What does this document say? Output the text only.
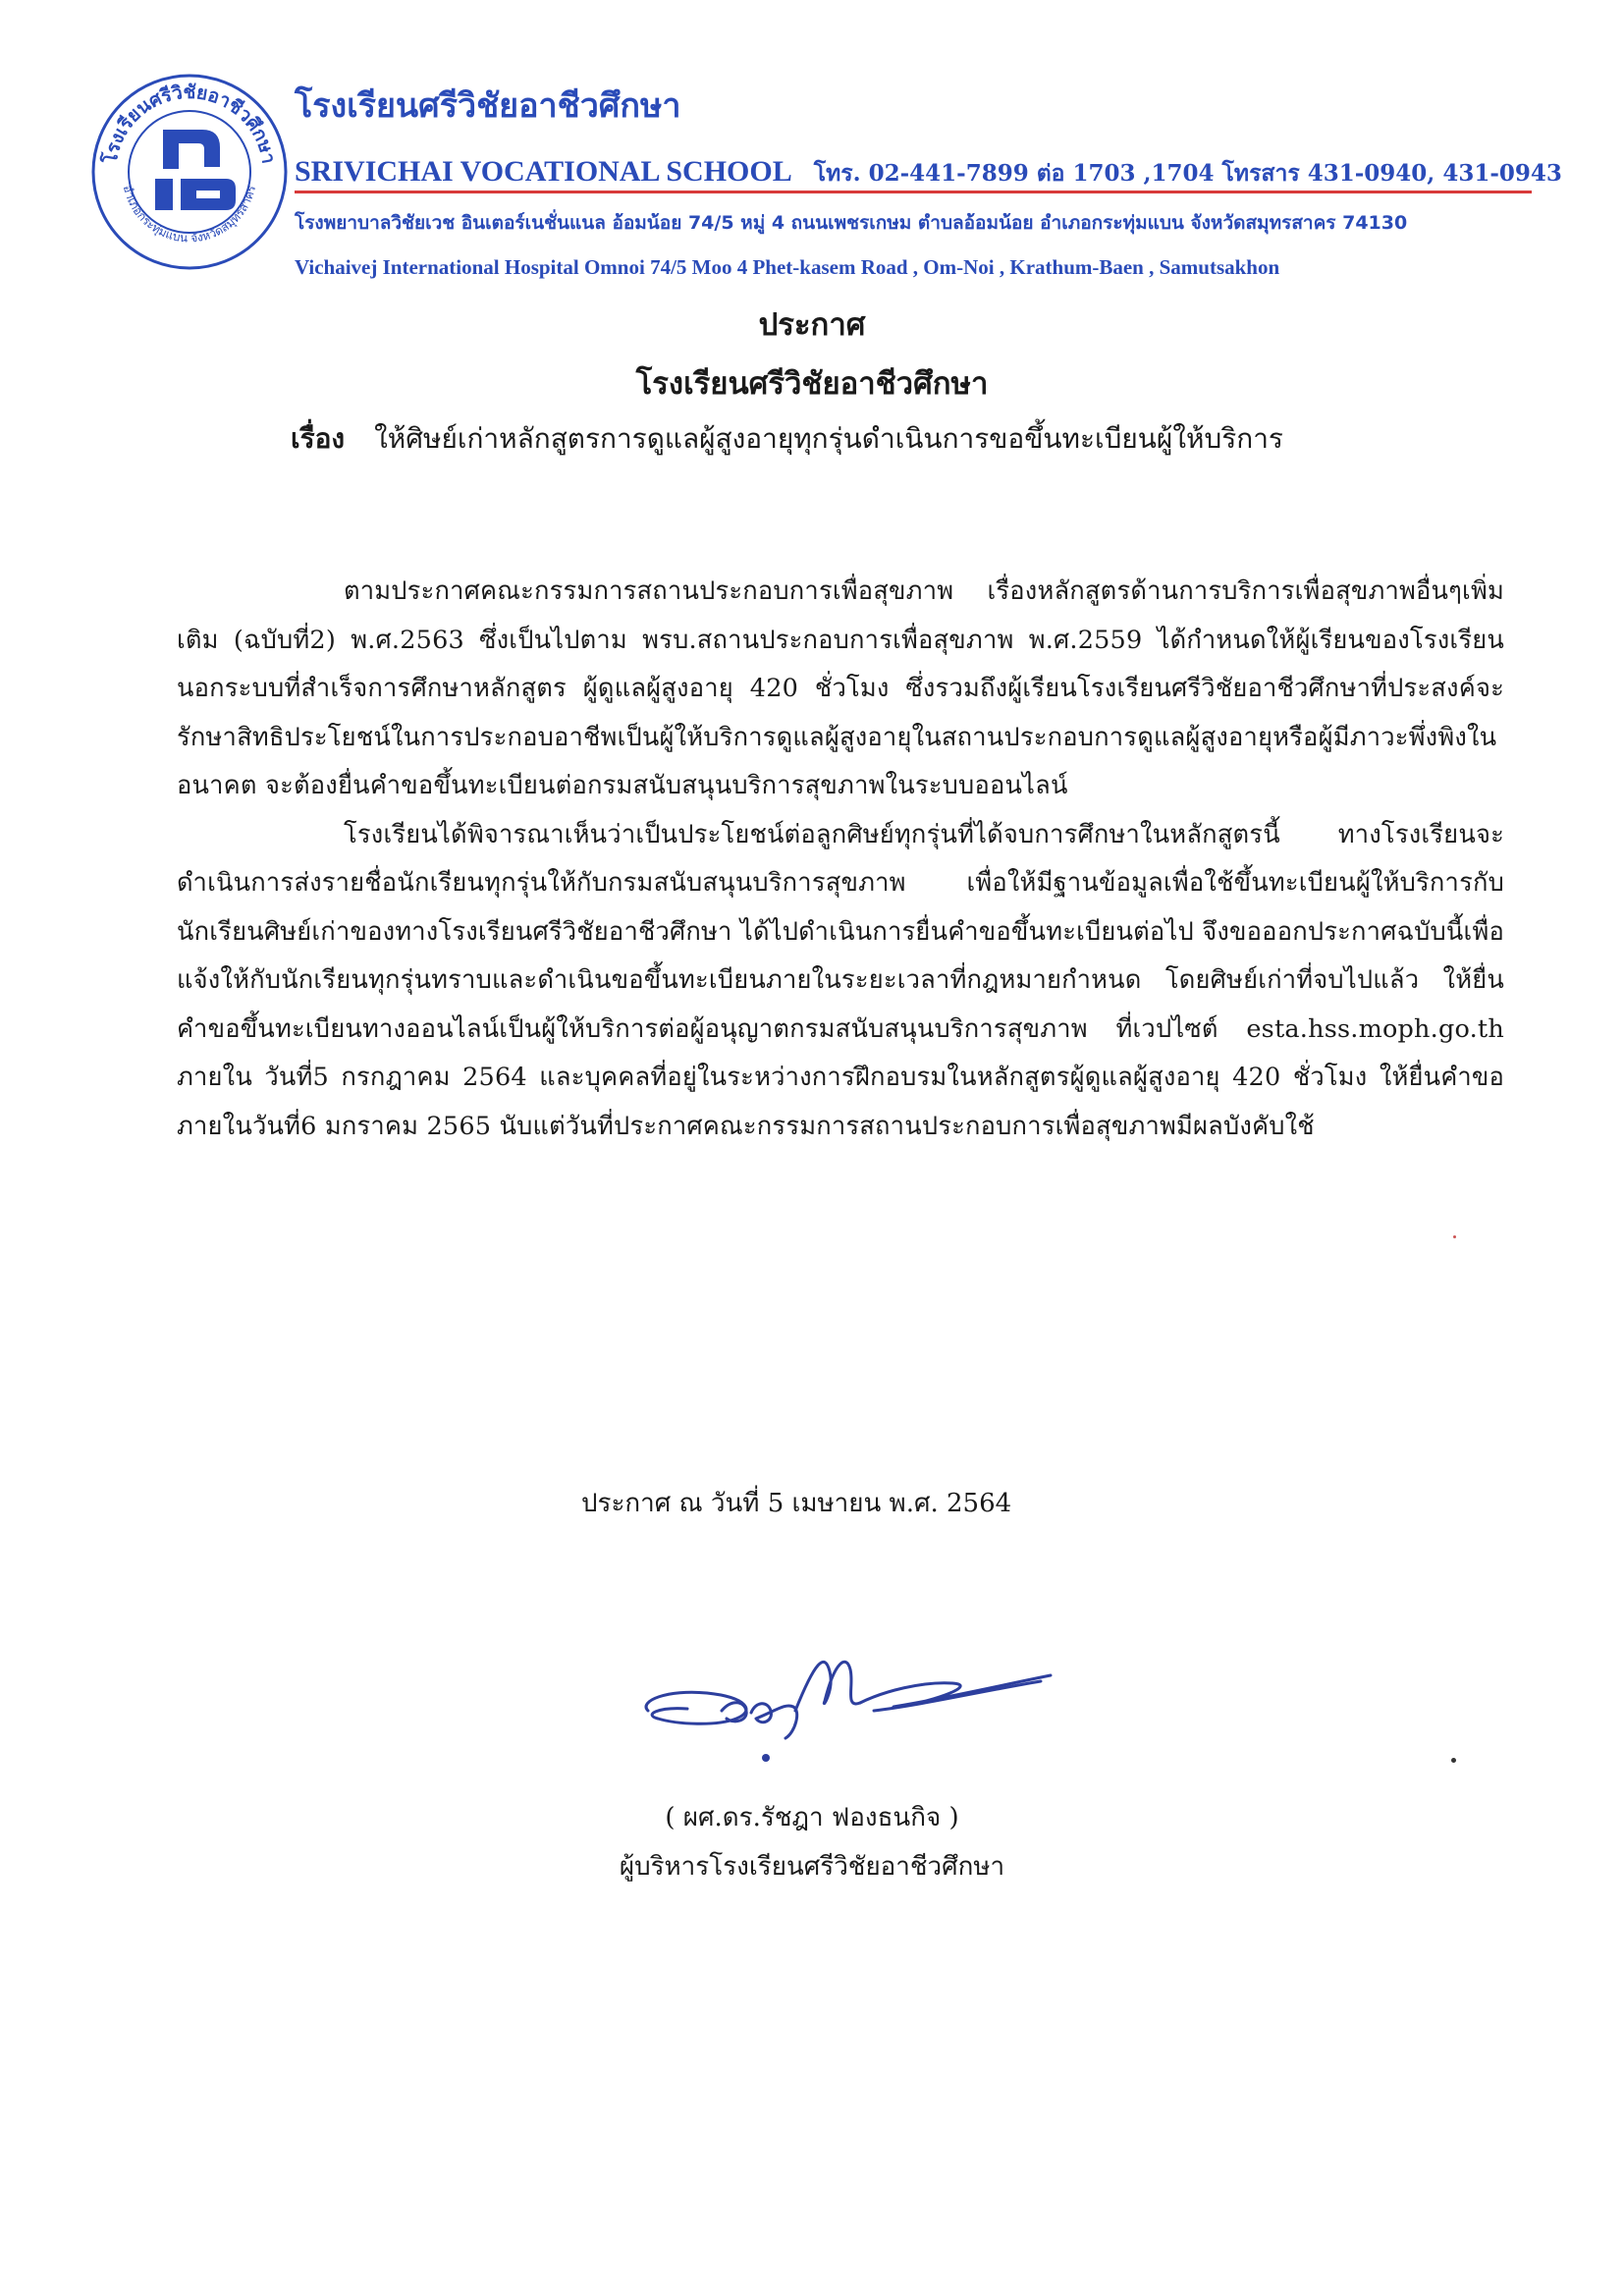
โรงเรียนศรีวิชัยอาชีวศึกษา
อำเภอกระทุ่มแบน จังหวัดสมุทรสาคร
โรงเรียนศรีวิชัยอาชีวศึกษา
SRIVICHAI VOCATIONAL SCHOOL โทร. 02-441-7899 ต่อ 1703 ,1704 โทรสาร 431-0940, 431-0943
โรงพยาบาลวิชัยเวช อินเตอร์เนชั่นแนล อ้อมน้อย 74/5 หมู่ 4 ถนนเพชรเกษม ตำบลอ้อมน้อย อำเภอกระทุ่มแบน จังหวัดสมุทรสาคร 74130
Vichaivej International Hospital Omnoi 74/5 Moo 4 Phet-kasem Road , Om-Noi , Krathum-Baen , Samutsakhon
ประกาศ
โรงเรียนศรีวิชัยอาชีวศึกษา
เรื่อง ให้ศิษย์เก่าหลักสูตรการดูแลผู้สูงอายุทุกรุ่นดำเนินการขอขึ้นทะเบียนผู้ให้บริการ

ตามประกาศคณะกรรมการสถานประกอบการเพื่อสุขภาพ เรื่องหลักสูตรด้านการบริการเพื่อสุขภาพอื่นๆเพิ่มเติม (ฉบับที่2) พ.ศ.2563 ซึ่งเป็นไปตาม พรบ.สถานประกอบการเพื่อสุขภาพ พ.ศ.2559 ได้กำหนดให้ผู้เรียนของโรงเรียนนอกระบบที่สำเร็จการศึกษาหลักสูตร ผู้ดูแลผู้สูงอายุ 420 ชั่วโมง ซึ่งรวมถึงผู้เรียนโรงเรียนศรีวิชัยอาชีวศึกษาที่ประสงค์จะรักษาสิทธิประโยชน์ในการประกอบอาชีพเป็นผู้ให้บริการดูแลผู้สูงอายุในสถานประกอบการดูแลผู้สูงอายุหรือผู้มีภาวะพึ่งพิงในอนาคต จะต้องยื่นคำขอขึ้นทะเบียนต่อกรมสนับสนุนบริการสุขภาพในระบบออนไลน์

โรงเรียนได้พิจารณาเห็นว่าเป็นประโยชน์ต่อลูกศิษย์ทุกรุ่นที่ได้จบการศึกษาในหลักสูตรนี้ ทางโรงเรียนจะดำเนินการส่งรายชื่อนักเรียนทุกรุ่นให้กับกรมสนับสนุนบริการสุขภาพ เพื่อให้มีฐานข้อมูลเพื่อใช้ขึ้นทะเบียนผู้ให้บริการกับนักเรียนศิษย์เก่าของทางโรงเรียนศรีวิชัยอาชีวศึกษา ได้ไปดำเนินการยื่นคำขอขึ้นทะเบียนต่อไป จึงขอออกประกาศฉบับนี้เพื่อแจ้งให้กับนักเรียนทุกรุ่นทราบและดำเนินขอขึ้นทะเบียนภายในระยะเวลาที่กฎหมายกำหนด โดยศิษย์เก่าที่จบไปแล้ว ให้ยื่นคำขอขึ้นทะเบียนทางออนไลน์เป็นผู้ให้บริการต่อผู้อนุญาตกรมสนับสนุนบริการสุขภาพ ที่เวปไซต์ esta.hss.moph.go.th ภายใน วันที่5 กรกฎาคม 2564 และบุคคลที่อยู่ในระหว่างการฝึกอบรมในหลักสูตรผู้ดูแลผู้สูงอายุ 420 ชั่วโมง ให้ยื่นคำขอภายในวันที่6 มกราคม 2565 นับแต่วันที่ประกาศคณะกรรมการสถานประกอบการเพื่อสุขภาพมีผลบังคับใช้

ประกาศ ณ วันที่ 5 เมษายน พ.ศ. 2564
( ผศ.ดร.รัชฎา ฟองธนกิจ )
ผู้บริหารโรงเรียนศรีวิชัยอาชีวศึกษา
